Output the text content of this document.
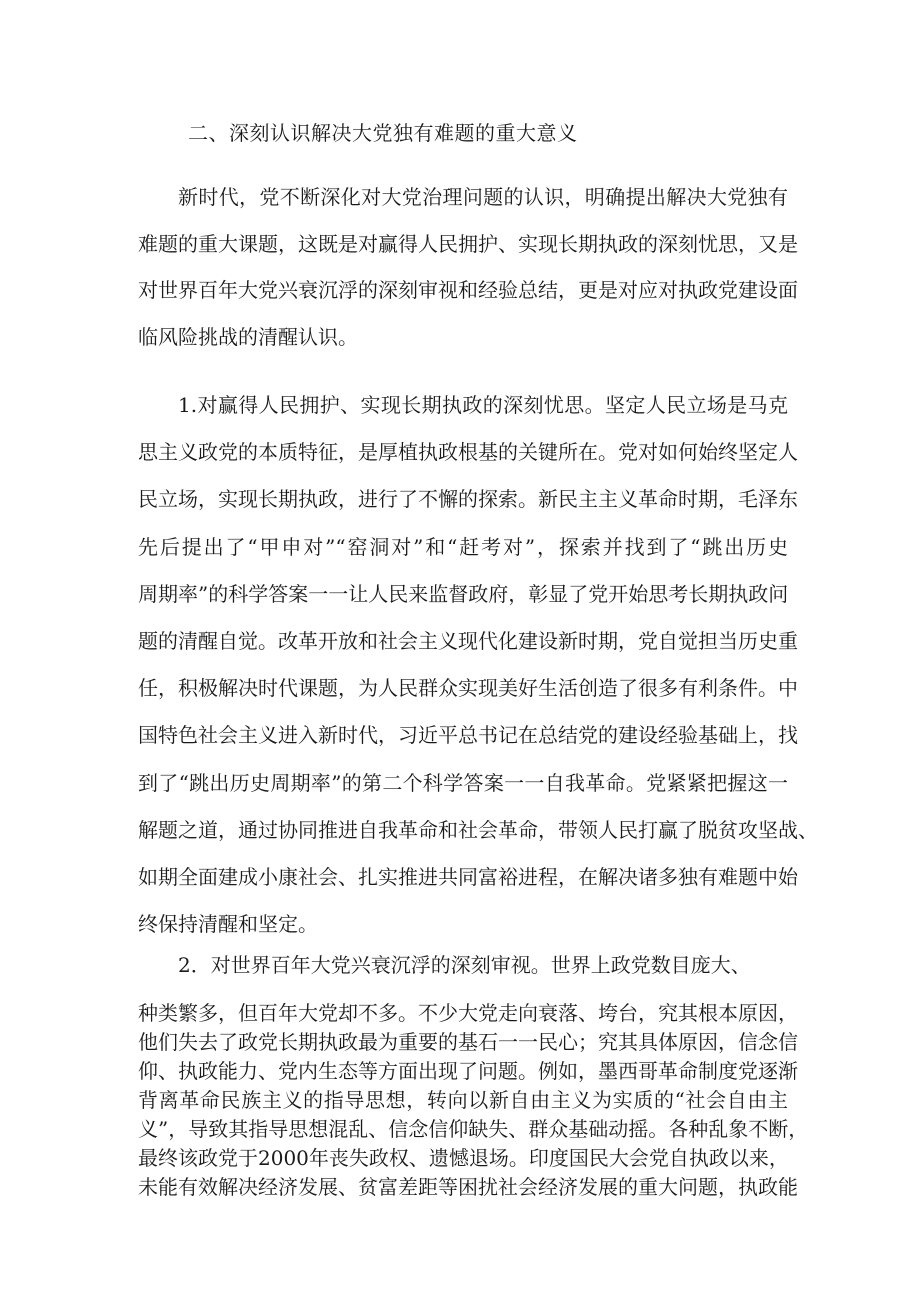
二、深刻认识解决大党独有难题的重大意义
新时代，党不断深化对大党治理问题的认识，明确提出解决大党独有
难题的重大课题，这既是对赢得人民拥护、实现长期执政的深刻忧思，又是
对世界百年大党兴衰沉浮的深刻审视和经验总结，更是对应对执政党建设面
临风险挑战的清醒认识。
1.对赢得人民拥护、实现长期执政的深刻忧思。坚定人民立场是马克
思主义政党的本质特征，是厚植执政根基的关键所在。党对如何始终坚定人
民立场，实现长期执政，进行了不懈的探索。新民主主义革命时期，毛泽东
先后提出了“甲申对”“窑洞对”和“赶考对”，探索并找到了“跳出历史
周期率”的科学答案一一让人民来监督政府，彰显了党开始思考长期执政问
题的清醒自觉。改革开放和社会主义现代化建设新时期，党自觉担当历史重
任，积极解决时代课题，为人民群众实现美好生活创造了很多有利条件。中
国特色社会主义进入新时代，习近平总书记在总结党的建设经验基础上，找
到了“跳出历史周期率”的第二个科学答案一一自我革命。党紧紧把握这一
解题之道，通过协同推进自我革命和社会革命，带领人民打赢了脱贫攻坚战、
如期全面建成小康社会、扎实推进共同富裕进程，在解决诸多独有难题中始
终保持清醒和坚定。
2．对世界百年大党兴衰沉浮的深刻审视。世界上政党数目庞大、
种类繁多，但百年大党却不多。不少大党走向衰落、垮台，究其根本原因，
他们失去了政党长期执政最为重要的基石一一民心；究其具体原因，信念信
仰、执政能力、党内生态等方面出现了问题。例如，墨西哥革命制度党逐渐
背离革命民族主义的指导思想，转向以新自由主义为实质的“社会自由主
义”，导致其指导思想混乱、信念信仰缺失、群众基础动摇。各种乱象不断，
最终该政党于2000年丧失政权、遗憾退场。印度国民大会党自执政以来，
未能有效解决经济发展、贫富差距等困扰社会经济发展的重大问题，执政能
